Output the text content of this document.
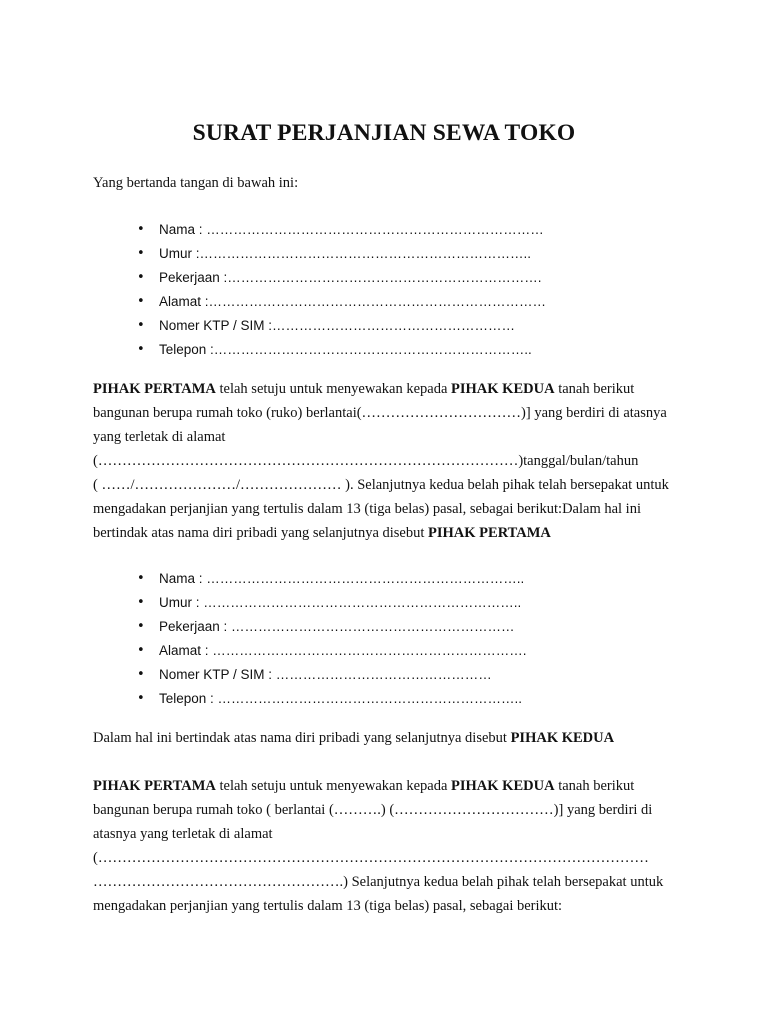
SURAT PERJANJIAN SEWA TOKO
Yang bertanda tangan di bawah ini:
• Nama : …………………………………………………………………
• Umur :………………………………………………………………..
• Pekerjaan :…………………………………………………………….
• Alamat :…………………………………………………………………
• Nomer KTP / SIM :………………………………………………
• Telepon :……………………………………………………………..
PIHAK PERTAMA telah setuju untuk menyewakan kepada PIHAK KEDUA tanah berikut
bangunan berupa rumah toko (ruko) berlantai(……………………………)] yang berdiri di atasnya
yang terletak di alamat
(……………………………………………………………………………)tanggal/bulan/tahun
( ……/…………………/………………… ). Selanjutnya kedua belah pihak telah bersepakat untuk
mengadakan perjanjian yang tertulis dalam 13 (tiga belas) pasal, sebagai berikut:Dalam hal ini
bertindak atas nama diri pribadi yang selanjutnya disebut PIHAK PERTAMA
• Nama : ……………………………………………………………..
• Umur : ……………………………………………………………..
• Pekerjaan : ………………………………………………………
• Alamat : …………………………………………………………….
• Nomer KTP / SIM : …………………………………………
• Telepon : …………………………………………………………..
Dalam hal ini bertindak atas nama diri pribadi yang selanjutnya disebut PIHAK KEDUA
PIHAK PERTAMA telah setuju untuk menyewakan kepada PIHAK KEDUA tanah berikut
bangunan berupa rumah toko ( berlantai (……….) (……………………………)] yang berdiri di
atasnya yang terletak di alamat
(……………………………………………………………………………………………………
…………………………………………….) Selanjutnya kedua belah pihak telah bersepakat untuk
mengadakan perjanjian yang tertulis dalam 13 (tiga belas) pasal, sebagai berikut:
